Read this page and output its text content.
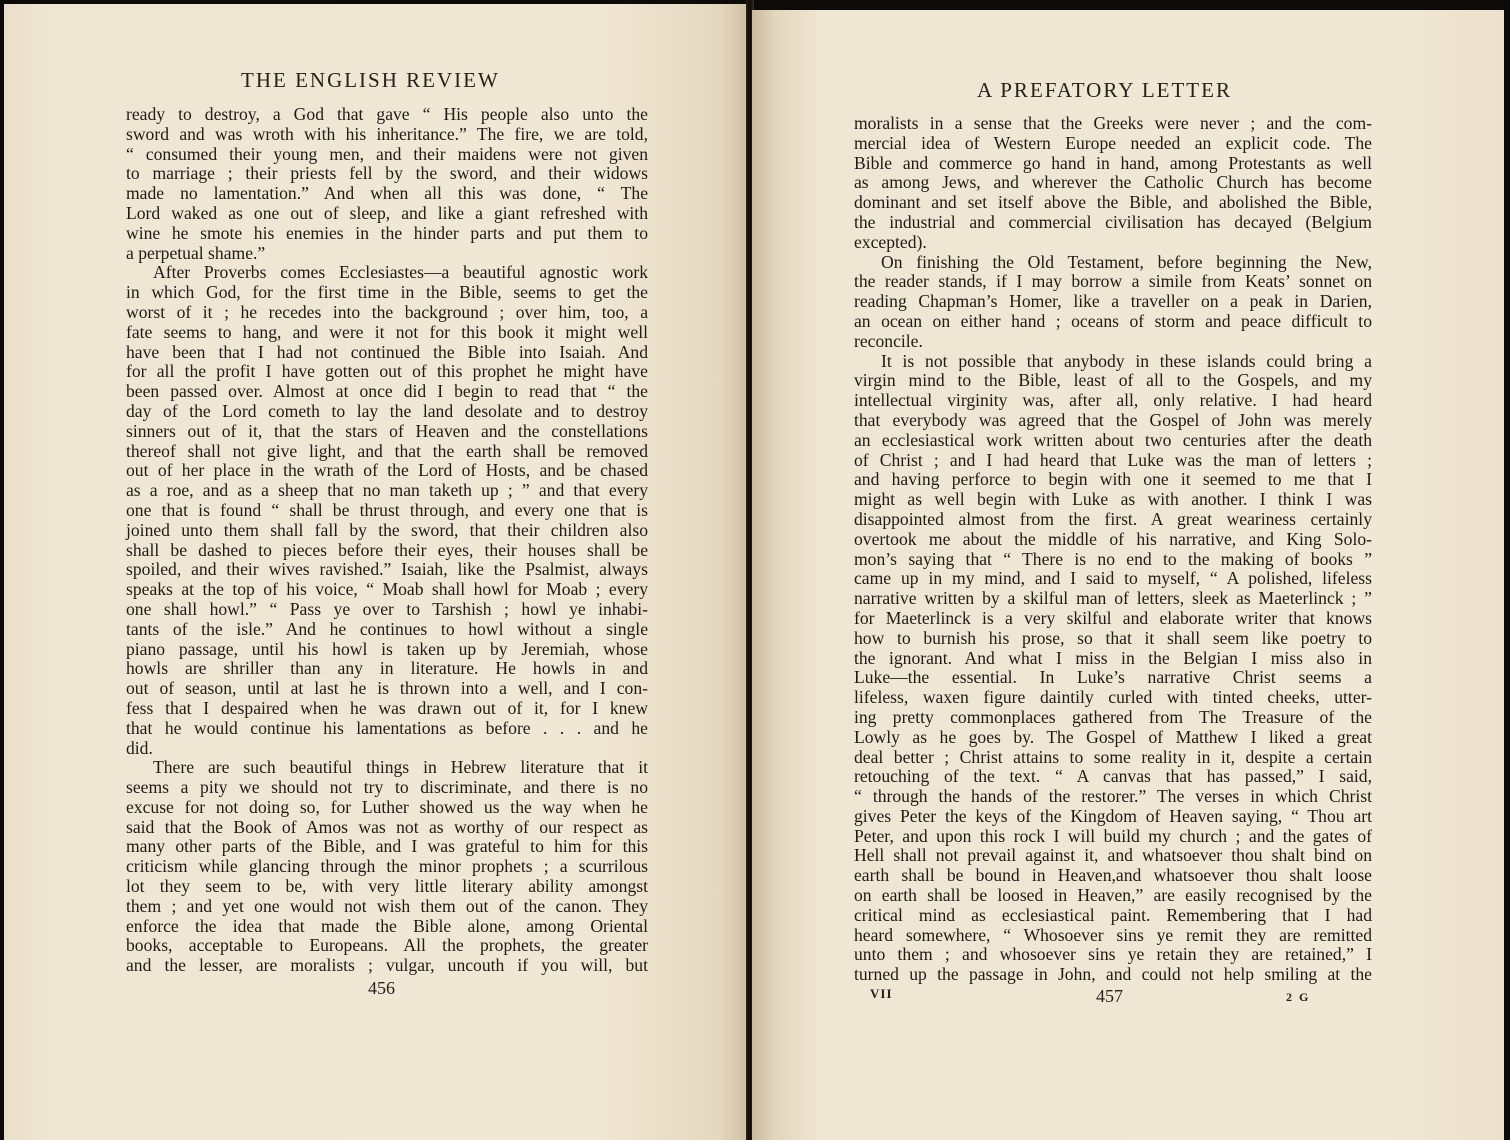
THE ENGLISH REVIEW
ready to destroy, a God that gave “ His people also unto the
sword and was wroth with his inheritance.” The fire, we are told,
“ consumed their young men, and their maidens were not given
to marriage ; their priests fell by the sword, and their widows
made no lamentation.” And when all this was done, “ The
Lord waked as one out of sleep, and like a giant refreshed with
wine he smote his enemies in the hinder parts and put them to
a perpetual shame.”
After Proverbs comes Ecclesiastes—a beautiful agnostic work
in which God, for the first time in the Bible, seems to get the
worst of it ; he recedes into the background ; over him, too, a
fate seems to hang, and were it not for this book it might well
have been that I had not continued the Bible into Isaiah. And
for all the profit I have gotten out of this prophet he might have
been passed over. Almost at once did I begin to read that “ the
day of the Lord cometh to lay the land desolate and to destroy
sinners out of it, that the stars of Heaven and the constellations
thereof shall not give light, and that the earth shall be removed
out of her place in the wrath of the Lord of Hosts, and be chased
as a roe, and as a sheep that no man taketh up ; ” and that every
one that is found “ shall be thrust through, and every one that is
joined unto them shall fall by the sword, that their children also
shall be dashed to pieces before their eyes, their houses shall be
spoiled, and their wives ravished.” Isaiah, like the Psalmist, always
speaks at the top of his voice, “ Moab shall howl for Moab ; every
one shall howl.” “ Pass ye over to Tarshish ; howl ye inhabi-
tants of the isle.” And he continues to howl without a single
piano passage, until his howl is taken up by Jeremiah, whose
howls are shriller than any in literature. He howls in and
out of season, until at last he is thrown into a well, and I con-
fess that I despaired when he was drawn out of it, for I knew
that he would continue his lamentations as before . . . and he
did.
There are such beautiful things in Hebrew literature that it
seems a pity we should not try to discriminate, and there is no
excuse for not doing so, for Luther showed us the way when he
said that the Book of Amos was not as worthy of our respect as
many other parts of the Bible, and I was grateful to him for this
criticism while glancing through the minor prophets ; a scurrilous
lot they seem to be, with very little literary ability amongst
them ; and yet one would not wish them out of the canon. They
enforce the idea that made the Bible alone, among Oriental
books, acceptable to Europeans. All the prophets, the greater
and the lesser, are moralists ; vulgar, uncouth if you will, but
456
A PREFATORY LETTER
moralists in a sense that the Greeks were never ; and the com-
mercial idea of Western Europe needed an explicit code. The
Bible and commerce go hand in hand, among Protestants as well
as among Jews, and wherever the Catholic Church has become
dominant and set itself above the Bible, and abolished the Bible,
the industrial and commercial civilisation has decayed (Belgium
excepted).
On finishing the Old Testament, before beginning the New,
the reader stands, if I may borrow a simile from Keats’ sonnet on
reading Chapman’s Homer, like a traveller on a peak in Darien,
an ocean on either hand ; oceans of storm and peace difficult to
reconcile.
It is not possible that anybody in these islands could bring a
virgin mind to the Bible, least of all to the Gospels, and my
intellectual virginity was, after all, only relative. I had heard
that everybody was agreed that the Gospel of John was merely
an ecclesiastical work written about two centuries after the death
of Christ ; and I had heard that Luke was the man of letters ;
and having perforce to begin with one it seemed to me that I
might as well begin with Luke as with another. I think I was
disappointed almost from the first. A great weariness certainly
overtook me about the middle of his narrative, and King Solo-
mon’s saying that “ There is no end to the making of books ”
came up in my mind, and I said to myself, “ A polished, lifeless
narrative written by a skilful man of letters, sleek as Maeterlinck ; ”
for Maeterlinck is a very skilful and elaborate writer that knows
how to burnish his prose, so that it shall seem like poetry to
the ignorant. And what I miss in the Belgian I miss also in
Luke—the essential. In Luke’s narrative Christ seems a
lifeless, waxen figure daintily curled with tinted cheeks, utter-
ing pretty commonplaces gathered from The Treasure of the
Lowly as he goes by. The Gospel of Matthew I liked a great
deal better ; Christ attains to some reality in it, despite a certain
retouching of the text. “ A canvas that has passed,” I said,
“ through the hands of the restorer.” The verses in which Christ
gives Peter the keys of the Kingdom of Heaven saying, “ Thou art
Peter, and upon this rock I will build my church ; and the gates of
Hell shall not prevail against it, and whatsoever thou shalt bind on
earth shall be bound in Heaven,and whatsoever thou shalt loose
on earth shall be loosed in Heaven,” are easily recognised by the
critical mind as ecclesiastical paint. Remembering that I had
heard somewhere, “ Whosoever sins ye remit they are remitted
unto them ; and whosoever sins ye retain they are retained,” I
turned up the passage in John, and could not help smiling at the
VII	457	2 G
